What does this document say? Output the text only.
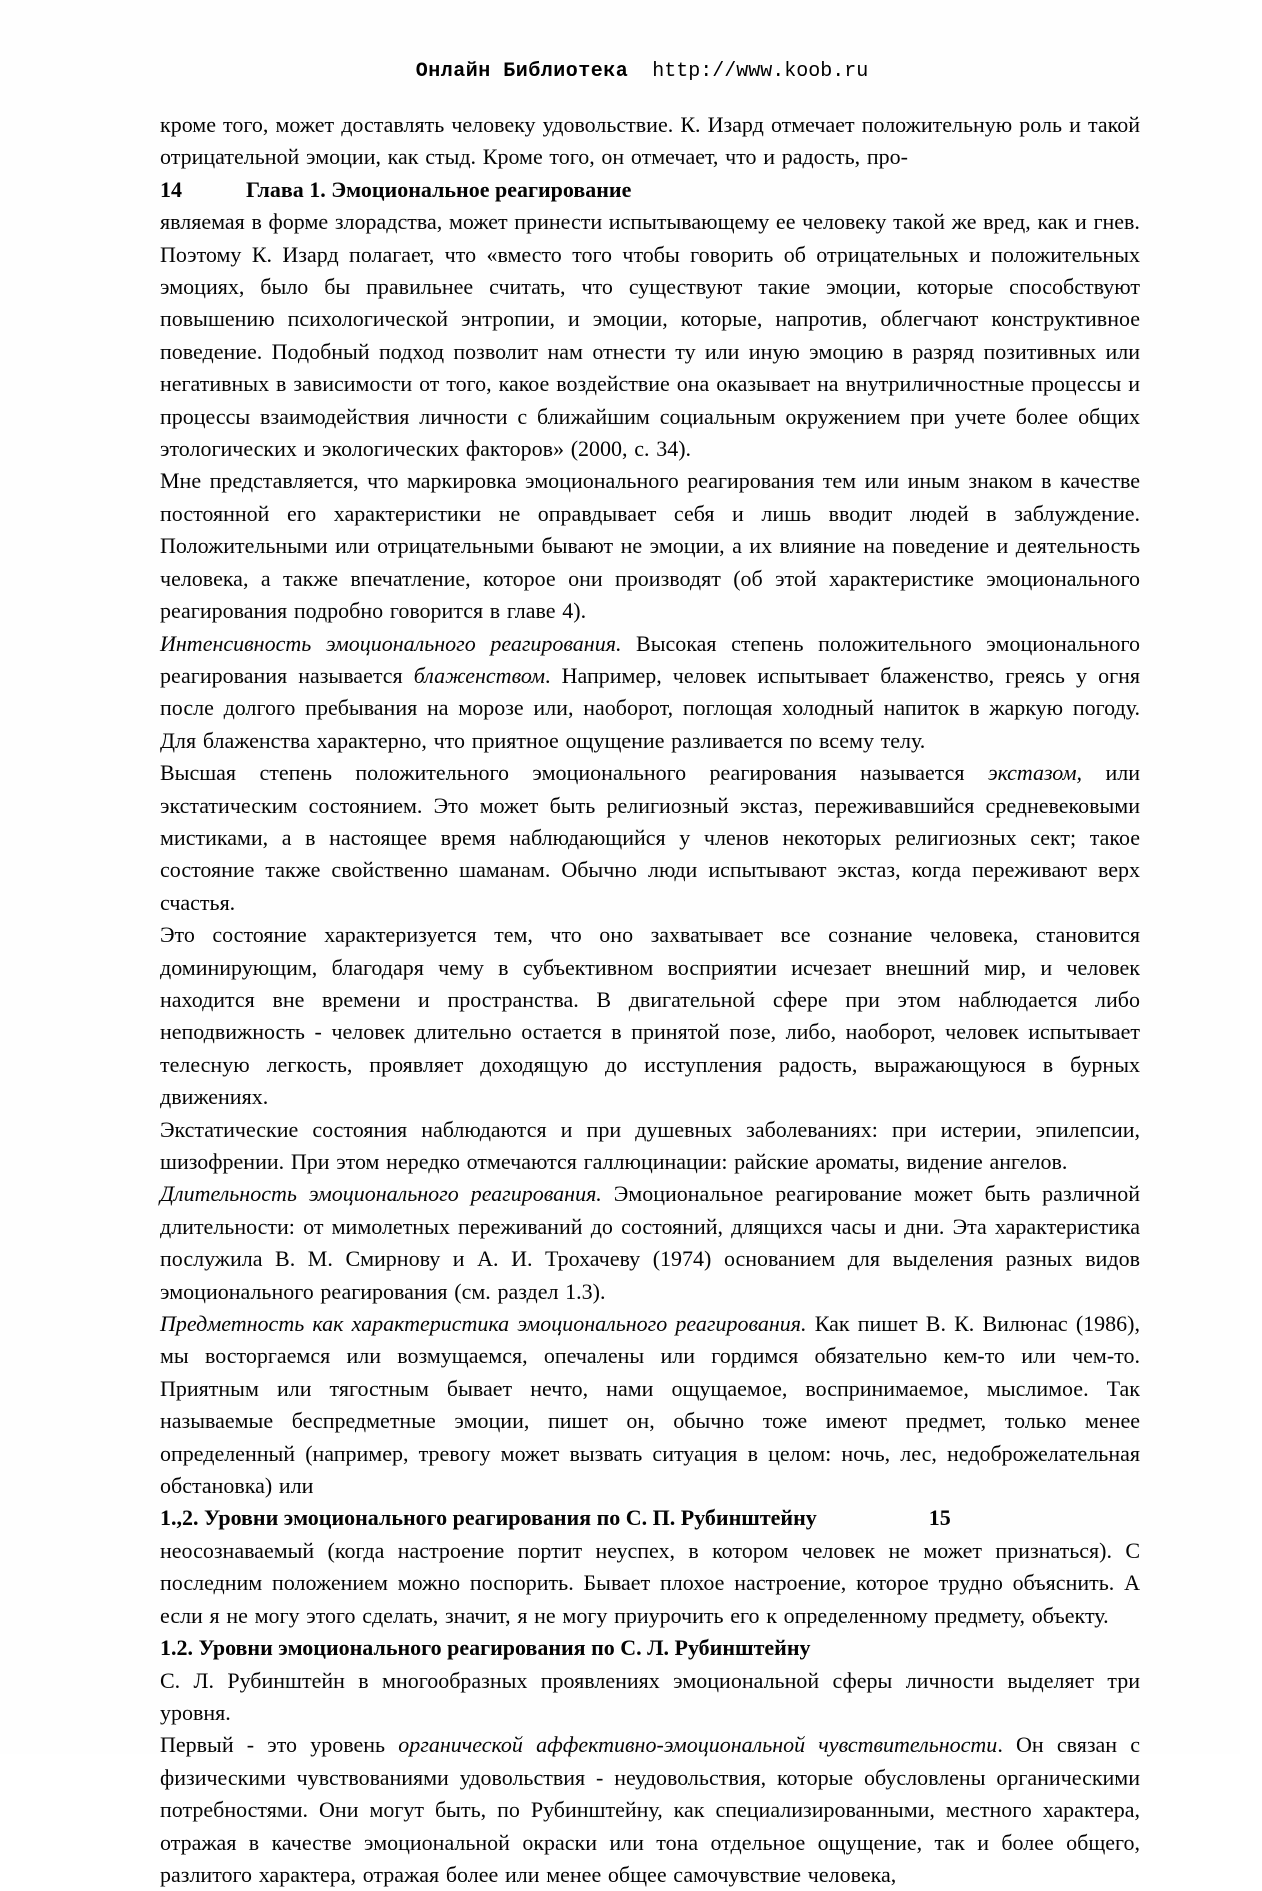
Онлайн Библиотека http://www.koob.ru

кроме того, может доставлять человеку удовольствие. К. Изард отмечает положительную роль и такой отрицательной эмоции, как стыд. Кроме того, он отмечает, что и радость, про-

14	Глава 1. Эмоциональное реагирование

являемая в форме злорадства, может принести испытывающему ее человеку такой же вред, как и гнев.

Поэтому К. Изард полагает, что «вместо того чтобы говорить об отрицательных и положительных эмоциях, было бы правильнее считать, что существуют такие эмоции, которые способствуют повышению психологической энтропии, и эмоции, которые, напротив, облегчают конструктивное поведение. Подобный подход позволит нам отнести ту или иную эмоцию в разряд позитивных или негативных в зависимости от того, какое воздействие она оказывает на внутриличностные процессы и процессы взаимодействия личности с ближайшим социальным окружением при учете более общих этологических и экологических факторов» (2000, с. 34).

Мне представляется, что маркировка эмоционального реагирования тем или иным знаком в качестве постоянной его характеристики не оправдывает себя и лишь вводит людей в заблуждение. Положительными или отрицательными бывают не эмоции, а их влияние на поведение и деятельность человека, а также впечатление, которое они производят (об этой характеристике эмоционального реагирования подробно говорится в главе 4).

Интенсивность эмоционального реагирования. Высокая степень положительного эмоционального реагирования называется блаженством. Например, человек испытывает блаженство, греясь у огня после долгого пребывания на морозе или, наоборот, поглощая холодный напиток в жаркую погоду. Для блаженства характерно, что приятное ощущение разливается по всему телу.

Высшая степень положительного эмоционального реагирования называется экстазом, или экстатическим состоянием. Это может быть религиозный экстаз, переживавшийся средневековыми мистиками, а в настоящее время наблюдающийся у членов некоторых религиозных сект; такое состояние также свойственно шаманам. Обычно люди испытывают экстаз, когда переживают верх счастья.

Это состояние характеризуется тем, что оно захватывает все сознание человека, становится доминирующим, благодаря чему в субъективном восприятии исчезает внешний мир, и человек находится вне времени и пространства. В двигательной сфере при этом наблюдается либо неподвижность - человек длительно остается в принятой позе, либо, наоборот, человек испытывает телесную легкость, проявляет доходящую до исступления радость, выражающуюся в бурных движениях.

Экстатические состояния наблюдаются и при душевных заболеваниях: при истерии, эпилепсии, шизофрении. При этом нередко отмечаются галлюцинации: райские ароматы, видение ангелов.

Длительность эмоционального реагирования. Эмоциональное реагирование может быть различной длительности: от мимолетных переживаний до состояний, длящихся часы и дни. Эта характеристика послужила В. М. Смирнову и А. И. Трохачеву (1974) основанием для выделения разных видов эмоционального реагирования (см. раздел 1.3).

Предметность как характеристика эмоционального реагирования. Как пишет В. К. Вилюнас (1986), мы восторгаемся или возмущаемся, опечалены или гордимся обязательно кем-то или чем-то. Приятным или тягостным бывает нечто, нами ощущаемое, воспринимаемое, мыслимое. Так называемые беспредметные эмоции, пишет он, обычно тоже имеют предмет, только менее определенный (например, тревогу может вызвать ситуация в целом: ночь, лес, недоброжелательная обстановка) или

1.,2. Уровни эмоционального реагирования по С. П. Рубинштейну	15

неосознаваемый (когда настроение портит неуспех, в котором человек не может признаться). С последним положением можно поспорить. Бывает плохое настроение, которое трудно объяснить. А если я не могу этого сделать, значит, я не могу приурочить его к определенному предмету, объекту.

1.2. Уровни эмоционального реагирования по С. Л. Рубинштейну

С. Л. Рубинштейн в многообразных проявлениях эмоциональной сферы личности выделяет три уровня.

Первый - это уровень органической аффективно-эмоциональной чувствительности. Он связан с физическими чувствованиями удовольствия - неудовольствия, которые обусловлены органическими потребностями. Они могут быть, по Рубинштейну, как специализированными, местного характера, отражая в качестве эмоциональной окраски или тона отдельное ощущение, так и более общего, разлитого характера, отражая более или менее общее самочувствие человека,
